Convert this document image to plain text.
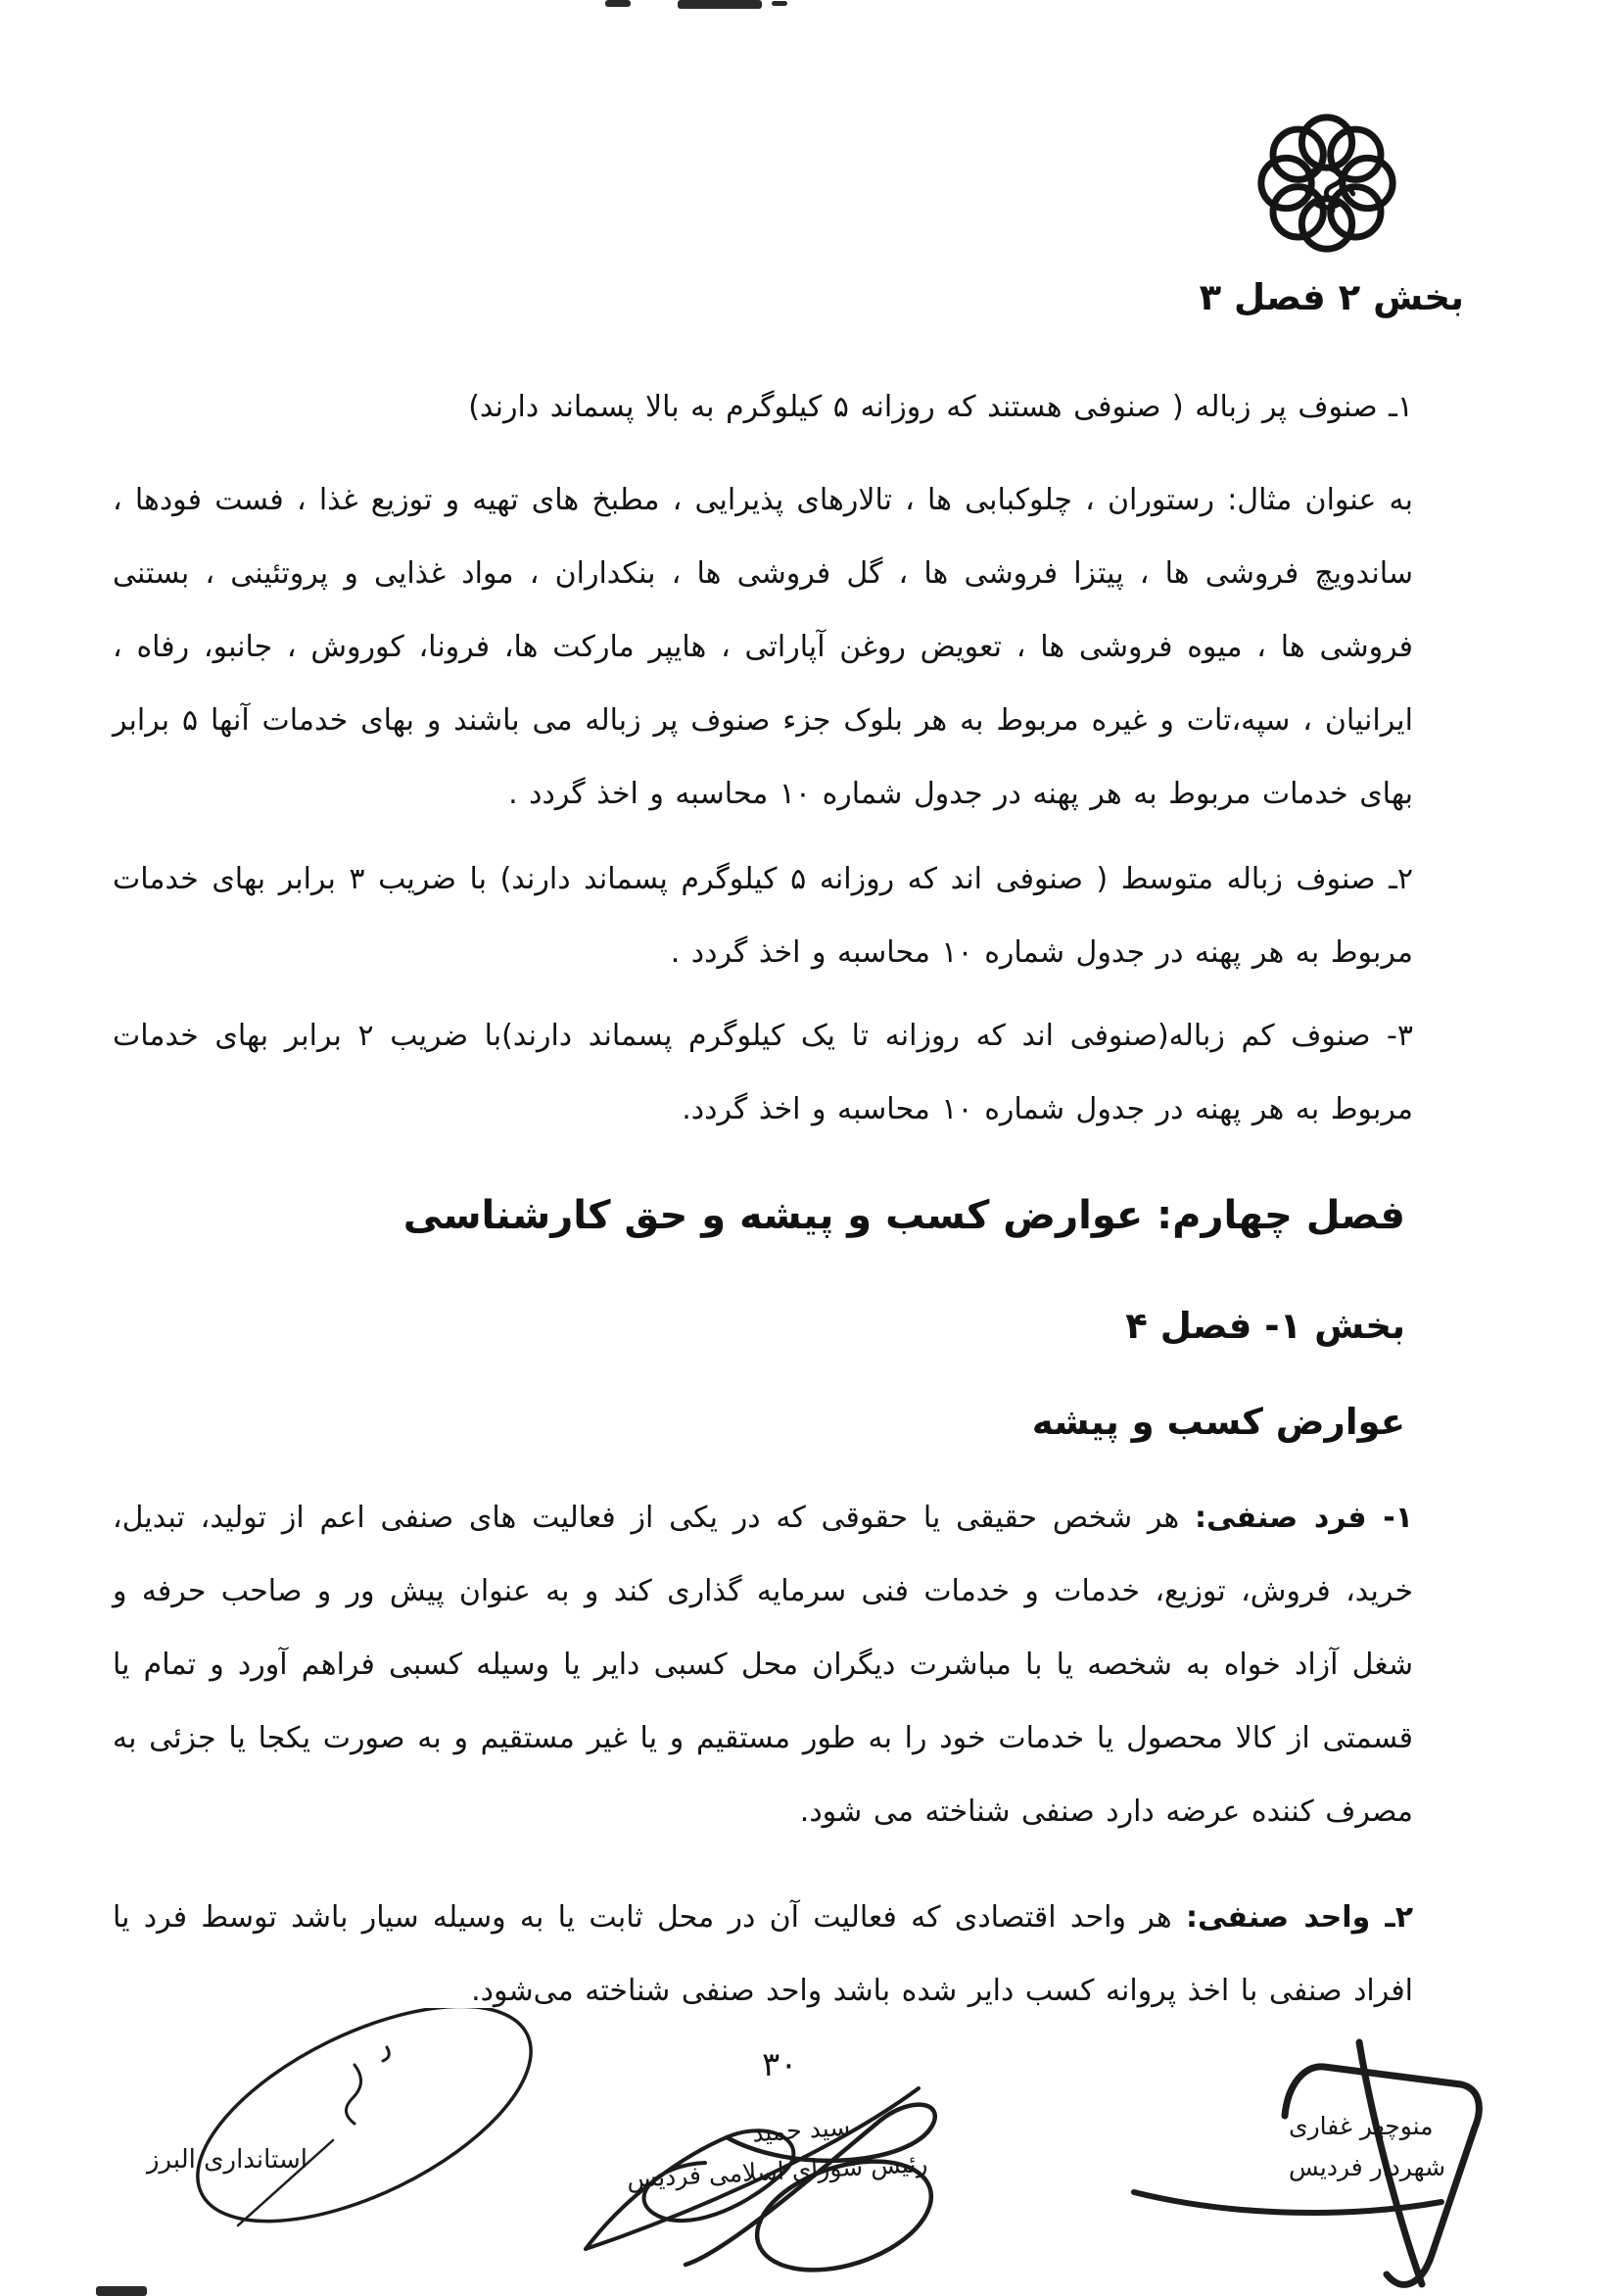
بخش ۲ فصل ۳
۱ـ صنوف پر زباله ( صنوفی هستند که روزانه ۵ کیلوگرم به بالا پسماند دارند)
به عنوان مثال: رستوران ، چلوکبابی ها ، تالارهای پذیرایی ، مطبخ های تهیه و توزیع غذا ، فست فودها ، ساندویچ فروشی ها ، پیتزا فروشی ها ، گل فروشی ها ، بنکداران ، مواد غذایی و پروتئینی ، بستنی فروشی ها ، میوه فروشی ها ، تعویض روغن آپاراتی ، هایپر مارکت ها، فرونا، کوروش ، جانبو، رفاه ، ایرانیان ، سپه،تات و غیره مربوط به هر بلوک جزء صنوف پر زباله می باشند و بهای خدمات آنها ۵ برابر بهای خدمات مربوط به هر پهنه در جدول شماره ۱۰ محاسبه و اخذ گردد .
۲ـ صنوف زباله متوسط ( صنوفی اند که روزانه ۵ کیلوگرم پسماند دارند) با ضریب ۳ برابر بهای خدمات مربوط به هر پهنه در جدول شماره ۱۰ محاسبه و اخذ گردد .
۳- صنوف کم زباله(صنوفی اند که روزانه تا یک کیلوگرم پسماند دارند)با ضریب ۲ برابر بهای خدمات مربوط به هر پهنه در جدول شماره ۱۰ محاسبه و اخذ گردد.
فصل چهارم: عوارض کسب و پیشه و حق کارشناسی
بخش ۱- فصل ۴
عوارض کسب و پیشه
۱- فرد صنفی: هر شخص حقیقی یا حقوقی که در یکی از فعالیت های صنفی اعم از تولید، تبدیل، خرید، فروش، توزیع، خدمات و خدمات فنی سرمایه گذاری کند و به عنوان پیش ور و صاحب حرفه و شغل آزاد خواه به شخصه یا با مباشرت دیگران محل کسبی دایر یا وسیله کسبی فراهم آورد و تمام یا قسمتی از کالا محصول یا خدمات خود را به طور مستقیم و یا غیر مستقیم و به صورت یکجا یا جزئی به مصرف کننده عرضه دارد صنفی شناخته می شود.
۲ـ واحد صنفی: هر واحد اقتصادی که فعالیت آن در محل ثابت یا به وسیله سیار باشد توسط فرد یا افراد صنفی با اخذ پروانه کسب دایر شده باشد واحد صنفی شناخته می‌شود.
۳۰
استانداری البرز
سید حمید
رئیس شورای اسلامی فردیس
منوچهر غفاری
شهردار فردیس
